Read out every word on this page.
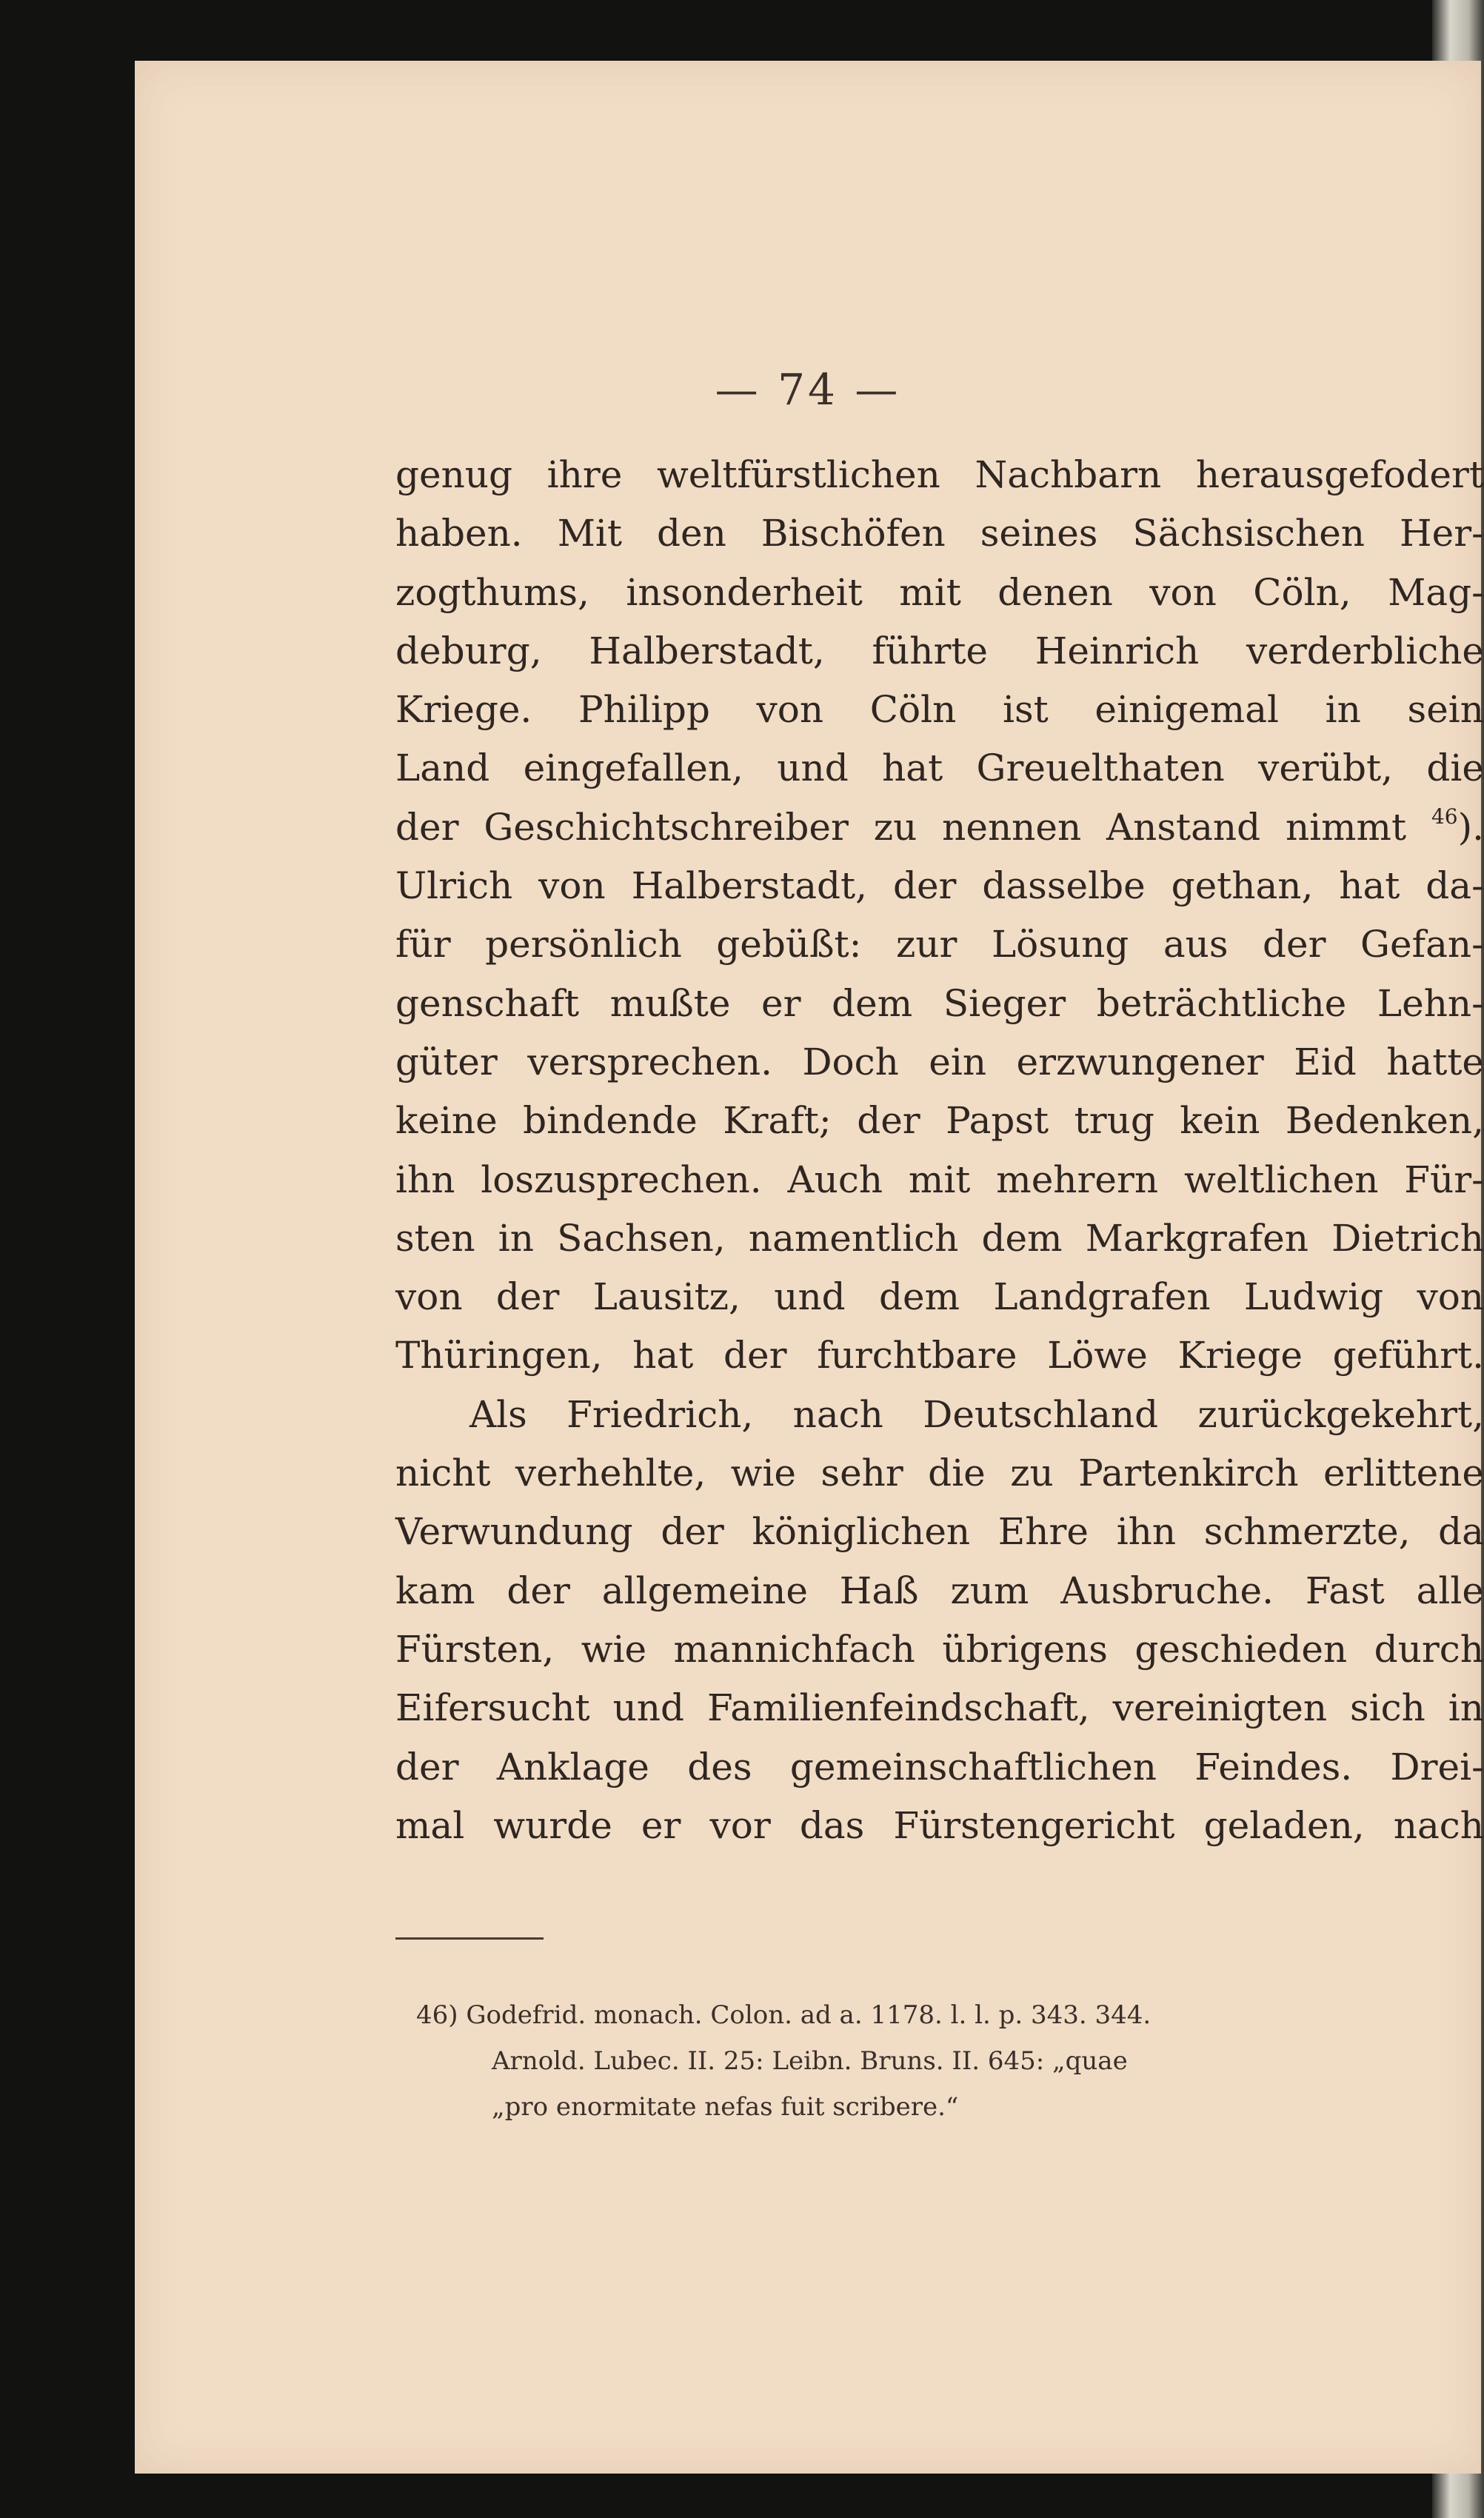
— 74 —
genug ihre weltfürstlichen Nachbarn herausgefodert
haben. Mit den Bischöfen seines Sächsischen Her-
zogthums, insonderheit mit denen von Cöln, Mag-
deburg, Halberstadt, führte Heinrich verderbliche
Kriege. Philipp von Cöln ist einigemal in sein
Land eingefallen, und hat Greuelthaten verübt, die
der Geschichtschreiber zu nennen Anstand nimmt $^{46}$).
Ulrich von Halberstadt, der dasselbe gethan, hat da-
für persönlich gebüßt: zur Lösung aus der Gefan-
genschaft mußte er dem Sieger beträchtliche Lehn-
güter versprechen. Doch ein erzwungener Eid hatte
keine bindende Kraft; der Papst trug kein Bedenken,
ihn loszusprechen. Auch mit mehrern weltlichen Für-
sten in Sachsen, namentlich dem Markgrafen Dietrich
von der Lausitz, und dem Landgrafen Ludwig von
Thüringen, hat der furchtbare Löwe Kriege geführt.
Als Friedrich, nach Deutschland zurückgekehrt,
nicht verhehlte, wie sehr die zu Partenkirch erlittene
Verwundung der königlichen Ehre ihn schmerzte, da
kam der allgemeine Haß zum Ausbruche. Fast alle
Fürsten, wie mannichfach übrigens geschieden durch
Eifersucht und Familienfeindschaft, vereinigten sich in
der Anklage des gemeinschaftlichen Feindes. Drei-
mal wurde er vor das Fürstengericht geladen, nach
46) Godefrid. monach. Colon. ad a. 1178. l. l. p. 343. 344.
Arnold. Lubec. II. 25: Leibn. Bruns. II. 645: „quae
„pro enormitate nefas fuit scribere.“
